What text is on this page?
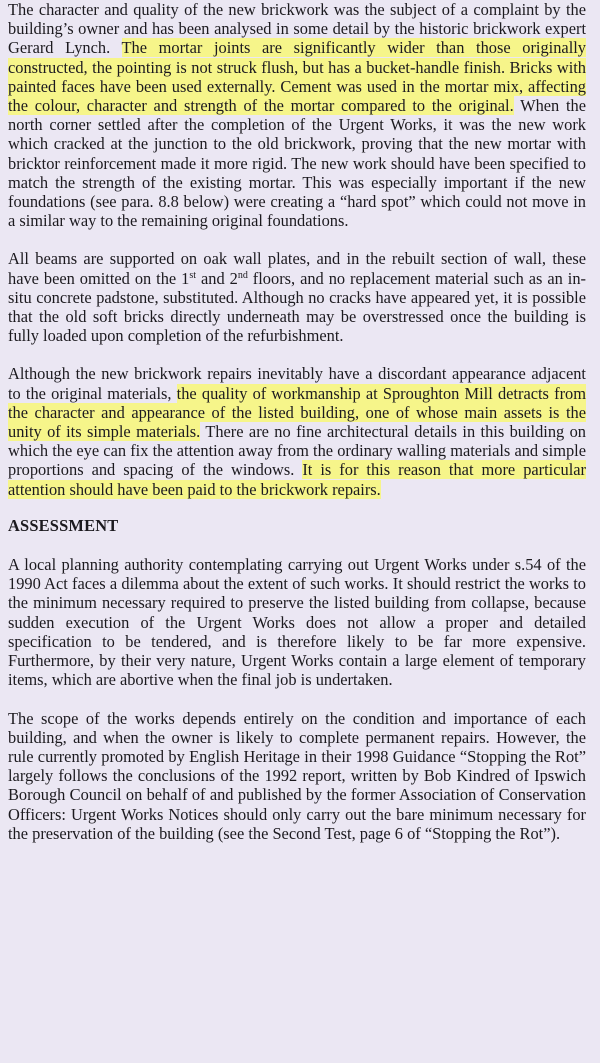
The character and quality of the new brickwork was the subject of a complaint by the building’s owner and has been analysed in some detail by the historic brickwork expert Gerard Lynch. The mortar joints are significantly wider than those originally constructed, the pointing is not struck flush, but has a bucket-handle finish. Bricks with painted faces have been used externally. Cement was used in the mortar mix, affecting the colour, character and strength of the mortar compared to the original. When the north corner settled after the completion of the Urgent Works, it was the new work which cracked at the junction to the old brickwork, proving that the new mortar with bricktor reinforcement made it more rigid. The new work should have been specified to match the strength of the existing mortar. This was especially important if the new foundations (see para. 8.8 below) were creating a “hard spot” which could not move in a similar way to the remaining original foundations.

All beams are supported on oak wall plates, and in the rebuilt section of wall, these have been omitted on the 1st and 2nd floors, and no replacement material such as an in-situ concrete padstone, substituted. Although no cracks have appeared yet, it is possible that the old soft bricks directly underneath may be overstressed once the building is fully loaded upon completion of the refurbishment.

Although the new brickwork repairs inevitably have a discordant appearance adjacent to the original materials, the quality of workmanship at Sproughton Mill detracts from the character and appearance of the listed building, one of whose main assets is the unity of its simple materials. There are no fine architectural details in this building on which the eye can fix the attention away from the ordinary walling materials and simple proportions and spacing of the windows. It is for this reason that more particular attention should have been paid to the brickwork repairs.

ASSESSMENT

A local planning authority contemplating carrying out Urgent Works under s.54 of the 1990 Act faces a dilemma about the extent of such works. It should restrict the works to the minimum necessary required to preserve the listed building from collapse, because sudden execution of the Urgent Works does not allow a proper and detailed specification to be tendered, and is therefore likely to be far more expensive. Furthermore, by their very nature, Urgent Works contain a large element of temporary items, which are abortive when the final job is undertaken.

The scope of the works depends entirely on the condition and importance of each building, and when the owner is likely to complete permanent repairs. However, the rule currently promoted by English Heritage in their 1998 Guidance “Stopping the Rot” largely follows the conclusions of the 1992 report, written by Bob Kindred of Ipswich Borough Council on behalf of and published by the former Association of Conservation Officers: Urgent Works Notices should only carry out the bare minimum necessary for the preservation of the building (see the Second Test, page 6 of “Stopping the Rot”).
